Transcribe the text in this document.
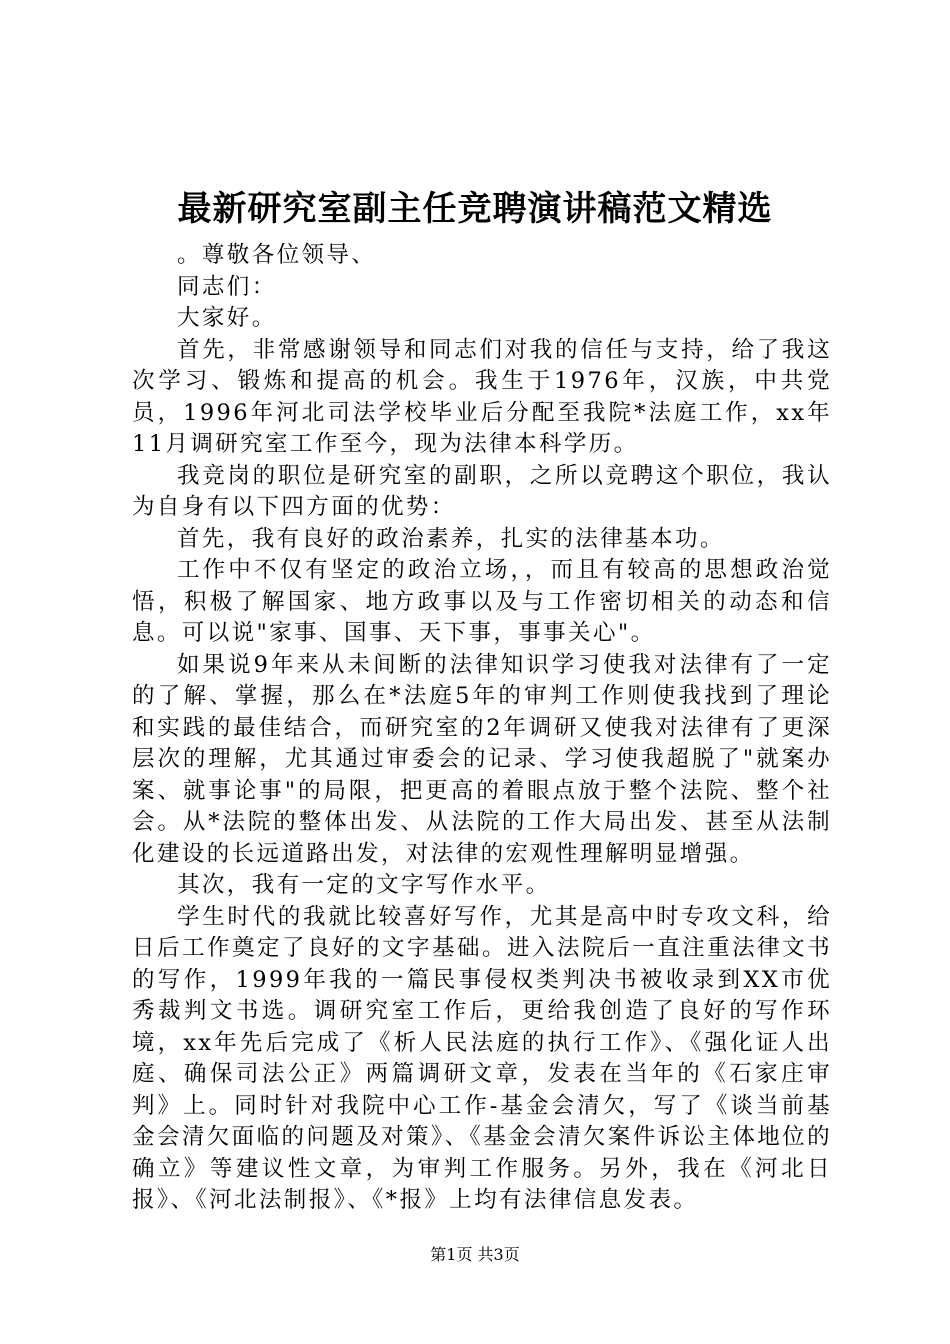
最新研究室副主任竞聘演讲稿范文精选

。尊敬各位领导、

同志们：

大家好。

首先，非常感谢领导和同志们对我的信任与支持，给了我这次学习、锻炼和提高的机会。我生于1976年，汉族，中共党员，1996年河北司法学校毕业后分配至我院*法庭工作，xx年11月调研究室工作至今，现为法律本科学历。

我竞岗的职位是研究室的副职，之所以竞聘这个职位，我认为自身有以下四方面的优势：

首先，我有良好的政治素养，扎实的法律基本功。

工作中不仅有坚定的政治立场，，而且有较高的思想政治觉悟，积极了解国家、地方政事以及与工作密切相关的动态和信息。可以说"家事、国事、天下事，事事关心"。

如果说9年来从未间断的法律知识学习使我对法律有了一定的了解、掌握，那么在*法庭5年的审判工作则使我找到了理论和实践的最佳结合，而研究室的2年调研又使我对法律有了更深层次的理解，尤其通过审委会的记录、学习使我超脱了"就案办案、就事论事"的局限，把更高的着眼点放于整个法院、整个社会。从*法院的整体出发、从法院的工作大局出发、甚至从法制化建设的长远道路出发，对法律的宏观性理解明显增强。

其次，我有一定的文字写作水平。

学生时代的我就比较喜好写作，尤其是高中时专攻文科，给日后工作奠定了良好的文字基础。进入法院后一直注重法律文书的写作，1999年我的一篇民事侵权类判决书被收录到XX市优秀裁判文书选。调研究室工作后，更给我创造了良好的写作环境，xx年先后完成了《析人民法庭的执行工作》、《强化证人出庭、确保司法公正》两篇调研文章，发表在当年的《石家庄审判》上。同时针对我院中心工作-基金会清欠，写了《谈当前基金会清欠面临的问题及对策》、《基金会清欠案件诉讼主体地位的确立》等建议性文章，为审判工作服务。另外，我在《河北日报》、《河北法制报》、《*报》上均有法律信息发表。

第1页 共3页
